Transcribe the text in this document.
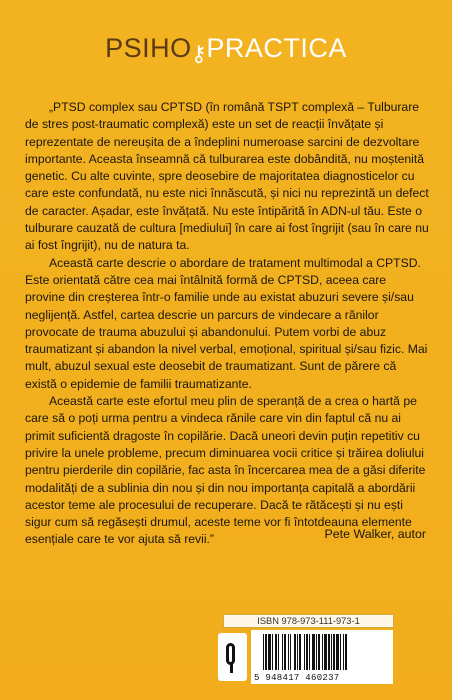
PSIHO⚷PRACTICA

„PTSD complex sau CPTSD (în română TSPT complexă – Tulburare de stres post-traumatic complexă) este un set de reacții învățate și reprezentate de nereușita de a îndeplini numeroase sarcini de dezvoltare importante. Aceasta înseamnă că tulburarea este dobândită, nu moștenită genetic. Cu alte cuvinte, spre deosebire de majoritatea diagnosticelor cu care este confundată, nu este nici înnăscută, și nici nu reprezintă un defect de caracter. Așadar, este învățată. Nu este întipărită în ADN-ul tău. Este o tulburare cauzată de cultura [mediului] în care ai fost îngrijit (sau în care nu ai fost îngrijit), nu de natura ta.

Această carte descrie o abordare de tratament multimodal a CPTSD. Este orientată către cea mai întâlnită formă de CPTSD, aceea care provine din creșterea într-o familie unde au existat abuzuri severe și/sau neglijență. Astfel, cartea descrie un parcurs de vindecare a rănilor provocate de trauma abuzului și abandonului. Putem vorbi de abuz traumatizant și abandon la nivel verbal, emoțional, spiritual și/sau fizic. Mai mult, abuzul sexual este deosebit de traumatizant. Sunt de părere că există o epidemie de familii traumatizante.

Această carte este efortul meu plin de speranță de a crea o hartă pe care să o poți urma pentru a vindeca rănile care vin din faptul că nu ai primit suficientă dragoste în copilărie. Dacă uneori devin puțin repetitiv cu privire la unele probleme, precum diminuarea vocii critice și trăirea doliului pentru pierderile din copilărie, fac asta în încercarea mea de a găsi diferite modalități de a sublinia din nou și din nou importanța capitală a abordării acestor teme ale procesului de recuperare. Dacă te rătăcești și nu ești sigur cum să regăsești drumul, aceste teme vor fi întotdeauna elemente esențiale care te vor ajuta să revii.”	Pete Walker, autor
ISBN 978-973-111-973-1
5 948417 460237
